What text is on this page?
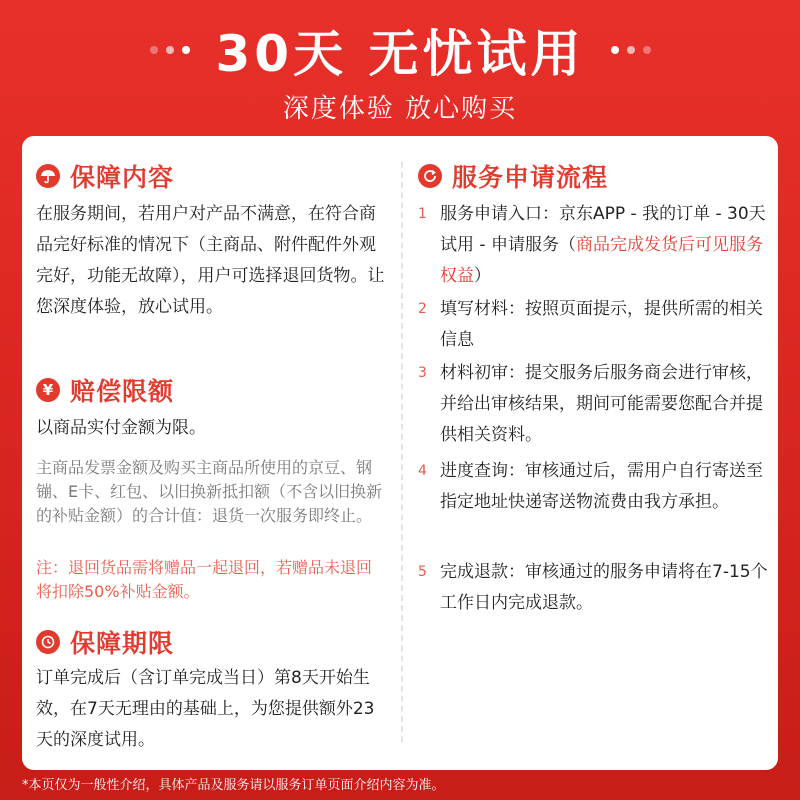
30天 无忧试用
深度体验 放心购买
保障内容
在服务期间，若用户对产品不满意，在符合商品完好标准的情况下（主商品、附件配件外观完好，功能无故障），用户可选择退回货物。让您深度体验，放心试用。
¥ 赔偿限额
以商品实付金额为限。
主商品发票金额及购买主商品所使用的京豆、钢镚、E卡、红包、以旧换新抵扣额（不含以旧换新的补贴金额）的合计值：退货一次服务即终止。
注：退回货品需将赠品一起退回，若赠品未退回将扣除50%补贴金额。
保障期限
订单完成后（含订单完成当日）第8天开始生效，在7天无理由的基础上，为您提供额外23天的深度试用。
服务申请流程
1 服务申请入口：京东APP - 我的订单 - 30天试用 - 申请服务（商品完成发货后可见服务权益）
2 填写材料：按照页面提示，提供所需的相关信息
3 材料初审：提交服务后服务商会进行审核，并给出审核结果，期间可能需要您配合并提供相关资料。
4 进度查询：审核通过后，需用户自行寄送至指定地址快递寄送物流费由我方承担。
5 完成退款：审核通过的服务申请将在7-15个工作日内完成退款。
*本页仅为一般性介绍，具体产品及服务请以服务订单页面介绍内容为准。
